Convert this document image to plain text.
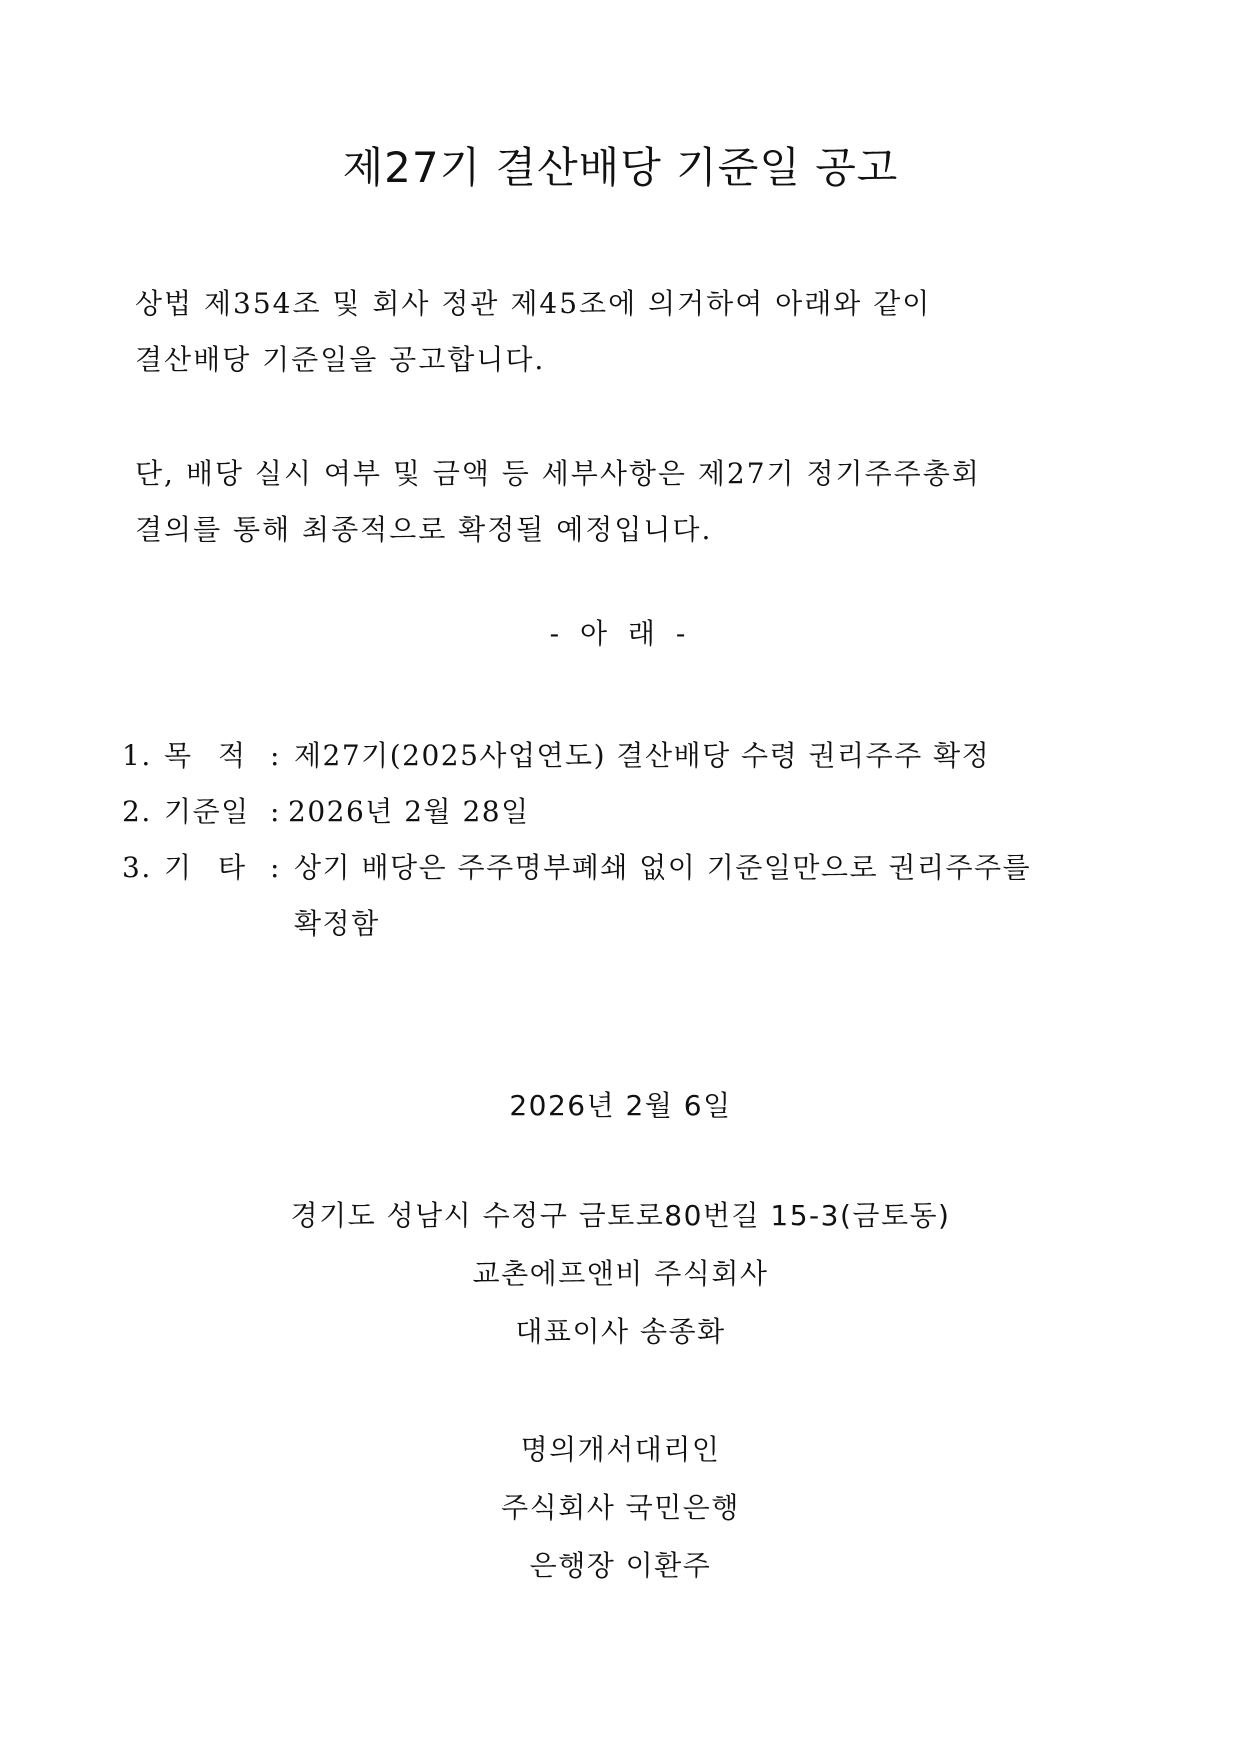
제27기 결산배당 기준일 공고

상법 제354조 및 회사 정관 제45조에 의거하여 아래와 같이
결산배당 기준일을 공고합니다.

단, 배당 실시 여부 및 금액 등 세부사항은 제27기 정기주주총회
결의를 통해 최종적으로 확정될 예정입니다.

- 아 래 -

1. 목적
: 제27기(2025사업연도) 결산배당 수령 권리주주 확정
2. 기준일 : 2026년 2월 28일
3. 기타
: 상기 배당은 주주명부폐쇄 없이 기준일만으로 권리주주를
확정함

2026년 2월 6일

경기도 성남시 수정구 금토로80번길 15-3(금토동)

교촌에프앤비 주식회사

대표이사 송종화

명의개서대리인

주식회사 국민은행

은행장 이환주
